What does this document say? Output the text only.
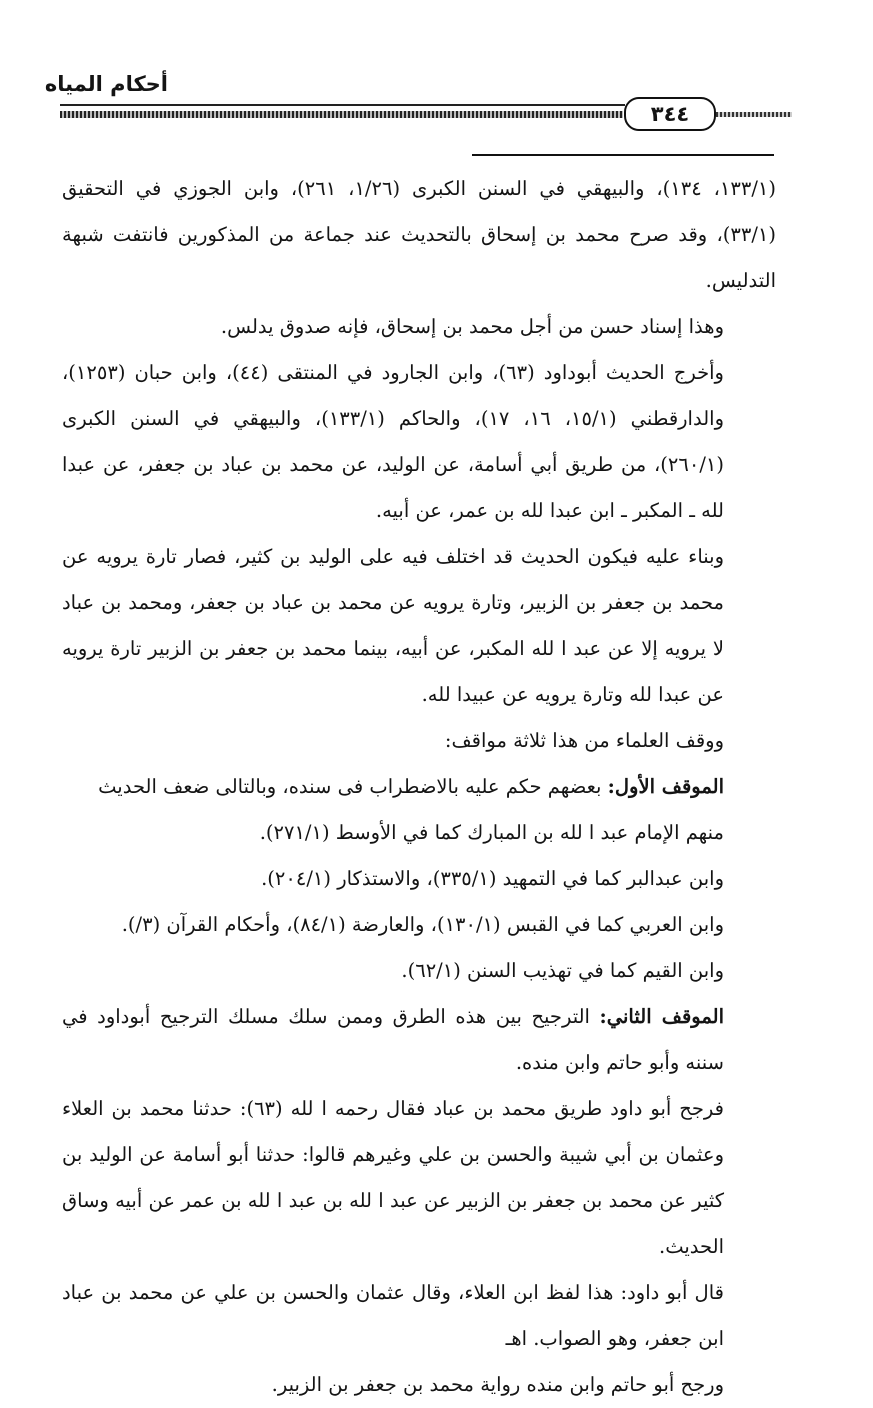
أحكام المياه
٣٤٤

(١٣٣/١، ١٣٤)، والبيهقي في السنن الكبرى (١/٢٦، ٢٦١)، وابن الجوزي في التحقيق (٣٣/١)، وقد صرح محمد بن إسحاق بالتحديث عند جماعة من المذكورين فانتفت شبهة التدليس.

وهذا إسناد حسن من أجل محمد بن إسحاق، فإنه صدوق يدلس.

وأخرج الحديث أبوداود (٦٣)، وابن الجارود في المنتقى (٤٤)، وابن حبان (١٢٥٣)، والدارقطني (١٥/١، ١٦، ١٧)، والحاكم (١٣٣/١)، والبيهقي في السنن الكبرى (٢٦٠/١)، من طريق أبي أسامة، عن الوليد، عن محمد بن عباد بن جعفر، عن عبدا لله ـ المكبر ـ ابن عبدا لله بن عمر، عن أبيه.

وبناء عليه فيكون الحديث قد اختلف فيه على الوليد بن كثير، فصار تارة يرويه عن محمد بن جعفر بن الزبير، وتارة يرويه عن محمد بن عباد بن جعفر، ومحمد بن عباد لا يرويه إلا عن عبد ا لله المكبر، عن أبيه، بينما محمد بن جعفر بن الزبير تارة يرويه عن عبدا لله وتارة يرويه عن عبيدا لله.

ووقف العلماء من هذا ثلاثة مواقف:

الموقف الأول: بعضهم حكم عليه بالاضطراب فى سنده، وبالتالى ضعف الحديث

منهم الإمام عبد ا لله بن المبارك كما في الأوسط (٢٧١/١).

وابن عبدالبر كما في التمهيد (٣٣٥/١)، والاستذكار (٢٠٤/١).

وابن العربي كما في القبس (١٣٠/١)، والعارضة (٨٤/١)، وأحكام القرآن (٣/).

وابن القيم كما في تهذيب السنن (٦٢/١).

الموقف الثاني: الترجيح بين هذه الطرق وممن سلك مسلك الترجيح أبوداود في سننه وأبو حاتم وابن منده.

فرجح أبو داود طريق محمد بن عباد فقال رحمه ا لله (٦٣): حدثنا محمد بن العلاء وعثمان بن أبي شيبة والحسن بن علي وغيرهم قالوا: حدثنا أبو أسامة عن الوليد بن كثير عن محمد بن جعفر بن الزبير عن عبد ا لله بن عبد ا لله بن عمر عن أبيه وساق الحديث.

قال أبو داود: هذا لفظ ابن العلاء، وقال عثمان والحسن بن علي عن محمد بن عباد ابن جعفر، وهو الصواب. اهـ

ورجح أبو حاتم وابن منده رواية محمد بن جعفر بن الزبير.
